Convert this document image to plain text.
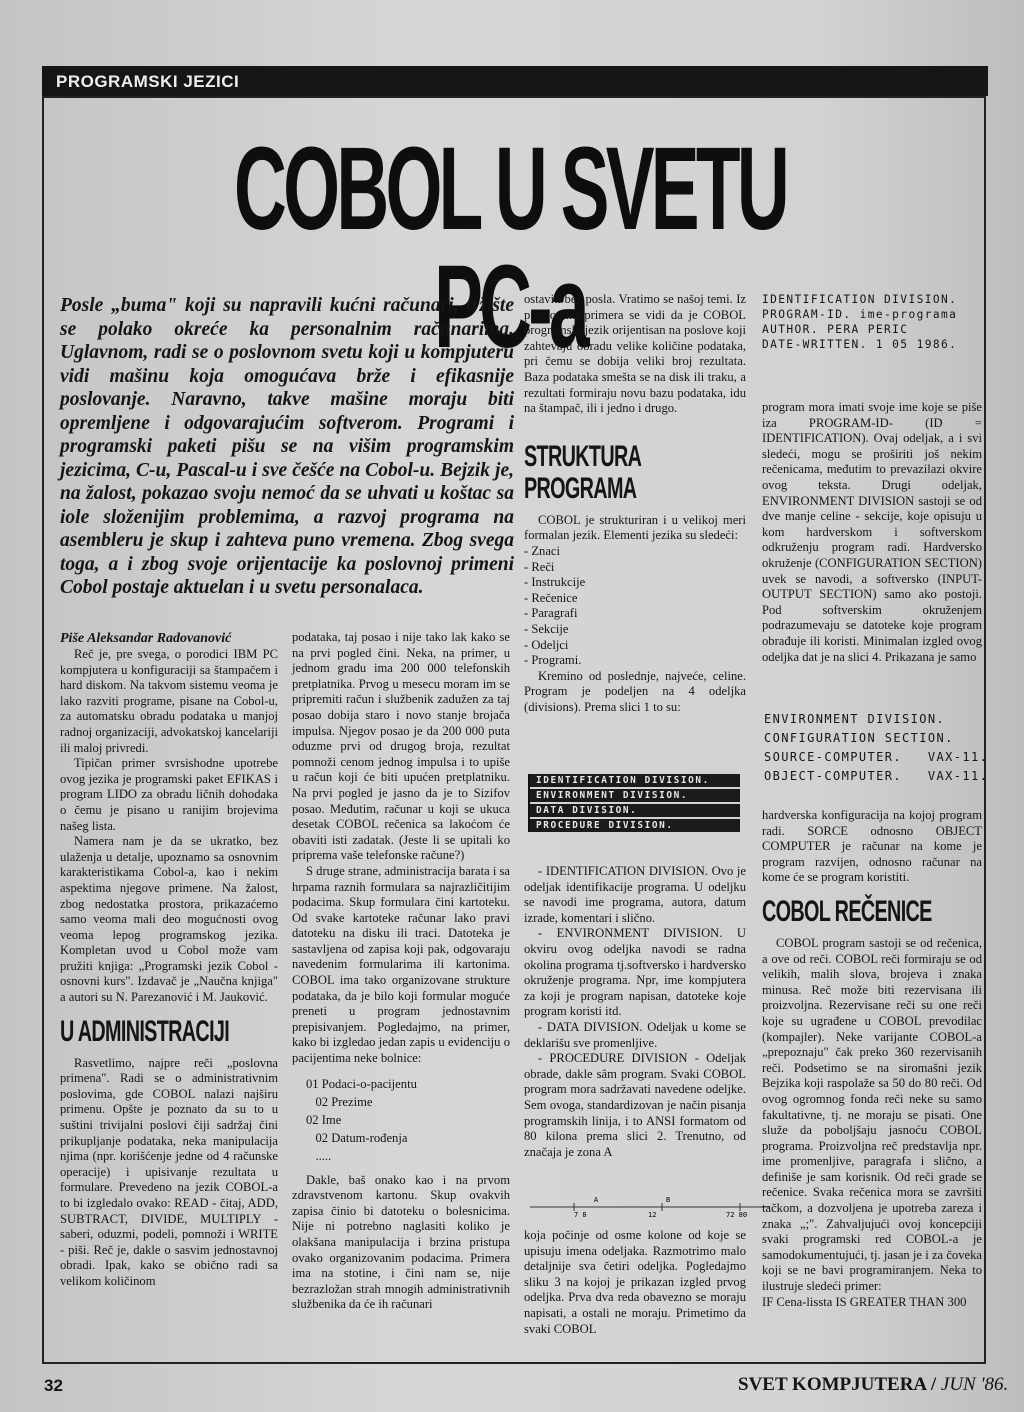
PROGRAMSKI JEZICI
COBOL U SVETU PC-a

Posle „buma" koji su napravili kućni računari, tržište se polako okreće ka personalnim računarima. Uglavnom, radi se o poslovnom svetu koji u kompjuteru vidi mašinu koja omogućava brže i efikasnije poslovanje. Naravno, takve mašine moraju biti opremljene i odgovarajućim softverom. Programi i programski paketi pišu se na višim programskim jezicima, C-u, Pascal-u i sve češće na Cobol-u. Bejzik je, na žalost, pokazao svoju nemoć da se uhvati u koštac sa iole složenijim problemima, a razvoj programa na asembleru je skup i zahteva puno vremena. Zbog svega toga, a i zbog svoje orijentacije ka poslovnoj primeni Cobol postaje aktuelan i u svetu personalaca.

Piše Aleksandar Radovanović

Reč je, pre svega, o porodici IBM PC kompjutera u konfiguraciji sa štampačem i hard diskom. Na takvom sistemu veoma je lako razviti programe, pisane na Cobol-u, za automatsku obradu podataka u manjoj radnoj organizaciji, advokatskoj kancelariji ili maloj privredi.

Tipičan primer svrsishodne upotrebe ovog jezika je programski paket EFIKAS i program LIDO za obradu ličnih dohodaka o čemu je pisano u ranijim brojevima našeg lista.

Namera nam je da se ukratko, bez ulaženja u detalje, upoznamo sa osnovnim karakteristikama Cobol-a, kao i nekim aspektima njegove primene. Na žalost, zbog nedostatka prostora, prikazaćemo samo veoma mali deo mogućnosti ovog veoma lepog programskog jezika. Kompletan uvod u Cobol može vam pružiti knjiga: „Programski jezik Cobol - osnovni kurs". Izdavač je „Naučna knjiga" a autori su N. Parezanović i M. Jauković.

U ADMINISTRACIJI

Rasvetlimo, najpre reči „poslovna primena". Radi se o administrativnim poslovima, gde COBOL nalazi najširu primenu. Opšte je poznato da su to u suštini trivijalni poslovi čiji sadržaj čini prikupljanje podataka, neka manipulacija njima (npr. korišćenje jedne od 4 računske operacije) i upisivanje rezultata u formulare. Prevedeno na jezik COBOL-a to bi izgledalo ovako: READ - čitaj, ADD, SUBTRACT, DIVIDE, MULTIPLY - saberi, oduzmi, podeli, pomnoži i WRITE - piši. Reč je, dakle o sasvim jednostavnoj obradi. Ipak, kako se obično radi sa velikom količinom

podataka, taj posao i nije tako lak kako se na prvi pogled čini. Neka, na primer, u jednom gradu ima 200 000 telefonskih pretplatnika. Prvog u mesecu moram im se pripremiti račun i službenik zadužen za taj posao dobija staro i novo stanje brojača impulsa. Njegov posao je da 200 000 puta oduzme prvi od drugog broja, rezultat pomnoži cenom jednog impulsa i to upiše u račun koji će biti upućen pretplatniku. Na prvi pogled je jasno da je to Sizifov posao. Međutim, računar u koji se ukuca desetak COBOL rečenica sa lakoćom će obaviti isti zadatak. (Jeste li se upitali ko priprema vaše telefonske račune?)

S druge strane, administracija barata i sa hrpama raznih formulara sa najrazličitijim podacima. Skup formulara čini kartoteku. Od svake kartoteke računar lako pravi datoteku na disku ili traci. Datoteka je sastavljena od zapisa koji pak, odgovaraju navedenim formularima ili kartonima. COBOL ima tako organizovane strukture podataka, da je bilo koji formular moguće preneti u program jednostavnim prepisivanjem. Pogledajmo, na primer, kako bi izgledao jedan zapis u evidenciju o pacijentima neke bolnice:

01 Podaci-o-pacijentu
02 Prezime
02 Ime
02 Datum-rođenja
.....

Dakle, baš onako kao i na prvom zdravstvenom kartonu. Skup ovakvih zapisa činio bi datoteku o bolesnicima. Nije ni potrebno naglasiti koliko je olakšana manipulacija i brzina pristupa ovako organizovanim podacima. Primera ima na stotine, i čini nam se, nije bezrazložan strah mnogih administrativnih službenika da će ih računari

ostaviti bez posla. Vratimo se našoj temi. Iz prethodnih primera se vidi da je COBOL programski jezik orijentisan na poslove koji zahtevaju obradu velike količine podataka, pri čemu se dobija veliki broj rezultata. Baza podataka smešta se na disk ili traku, a rezultati formiraju novu bazu podataka, idu na štampač, ili i jedno i drugo.

STRUKTURA
PROGRAMA

COBOL je strukturiran i u velikoj meri formalan jezik. Elementi jezika su sledeći:

- Znaci

- Reči

- Instrukcije

- Rečenice

- Paragrafi

- Sekcije

- Odeljci

- Programi.

Kremino od poslednje, najveće, celine. Program je podeljen na 4 odeljka (divisions). Prema slici 1 to su:

IDENTIFICATION DIVISION.
ENVIRONMENT DIVISION.
DATA DIVISION.
PROCEDURE DIVISION.

- IDENTIFICATION DIVISION. Ovo je odeljak identifikacije programa. U odeljku se navodi ime programa, autora, datum izrade, komentari i slično.

- ENVIRONMENT DIVISION. U okviru ovog odeljka navodi se radna okolina programa tj.softversko i hardversko okruženje programa. Npr, ime kompjutera za koji je program napisan, datoteke koje program koristi itd.

- DATA DIVISION. Odeljak u kome se deklarišu sve promenljive.

- PROCEDURE DIVISION - Odeljak obrade, dakle sâm program. Svaki COBOL program mora sadržavati navedene odeljke. Sem ovoga, standardizovan je način pisanja programskih linija, i to ANSI formatom od 80 kilona prema slici 2. Trenutno, od značaja je zona A

A	B
7 8	12	72 80

koja počinje od osme kolone od koje se upisuju imena odeljaka. Razmotrimo malo detaljnije sva četiri odeljka. Pogledajmo sliku 3 na kojoj je prikazan izgled prvog odeljka. Prva dva reda obavezno se moraju napisati, a ostali ne moraju. Primetimo da svaki COBOL

IDENTIFICATION DIVISION.
PROGRAM-ID. ime-programa
AUTHOR. PERA PERIC
DATE-WRITTEN. 1 05 1986.

program mora imati svoje ime koje se piše iza PROGRAM-ID- (ID = IDENTIFICATION). Ovaj odeljak, a i svi sledeći, mogu se proširiti još nekim rečenicama, međutim to prevazilazi okvire ovog teksta. Drugi odeljak, ENVIRONMENT DIVISION sastoji se od dve manje celine - sekcije, koje opisuju u kom hardverskom i softverskom odkruženju program radi. Hardversko okruženje (CONFIGURATION SECTION) uvek se navodi, a softversko (INPUT-OUTPUT SECTION) samo ako postoji. Pod softverskim okruženjem podrazumevaju se datoteke koje program obrađuje ili koristi. Minimalan izgled ovog odeljka dat je na slici 4. Prikazana je samo

ENVIRONMENT DIVISION.
CONFIGURATION SECTION.
SOURCE-COMPUTER.   VAX-11.
OBJECT-COMPUTER.   VAX-11.

hardverska konfiguracija na kojoj program radi. SORCE odnosno OBJECT COMPUTER je računar na kome je program razvijen, odnosno računar na kome će se program koristiti.

COBOL REČENICE

COBOL program sastoji se od rečenica, a ove od reči. COBOL reči formiraju se od velikih, malih slova, brojeva i znaka minusa. Reč može biti rezervisana ili proizvoljna. Rezervisane reči su one reči koje su ugrađene u COBOL prevodilac (kompajler). Neke varijante COBOL-a „prepoznaju" čak preko 360 rezervisanih reči. Podsetimo se na siromašni jezik Bejzika koji raspolaže sa 50 do 80 reči. Od ovog ogromnog fonda reči neke su samo fakultativne, tj. ne moraju se pisati. One služe da poboljšaju jasnoću COBOL programa. Proizvoljna reč predstavlja npr. ime promenljive, paragrafa i slično, a definiše je sam korisnik. Od reči grade se rečenice. Svaka rečenica mora se završiti tačkom, a dozvoljena je upotreba zareza i znaka „;". Zahvaljujući ovoj koncepciji svaki programski red COBOL-a je samodokumentujući, tj. jasan je i za čoveka koji se ne bavi programiranjem. Neka to ilustruje sledeći primer:

IF Cena-lissta IS GREATER THAN 300

32	SVET KOMPJUTERA / JUN '86.
